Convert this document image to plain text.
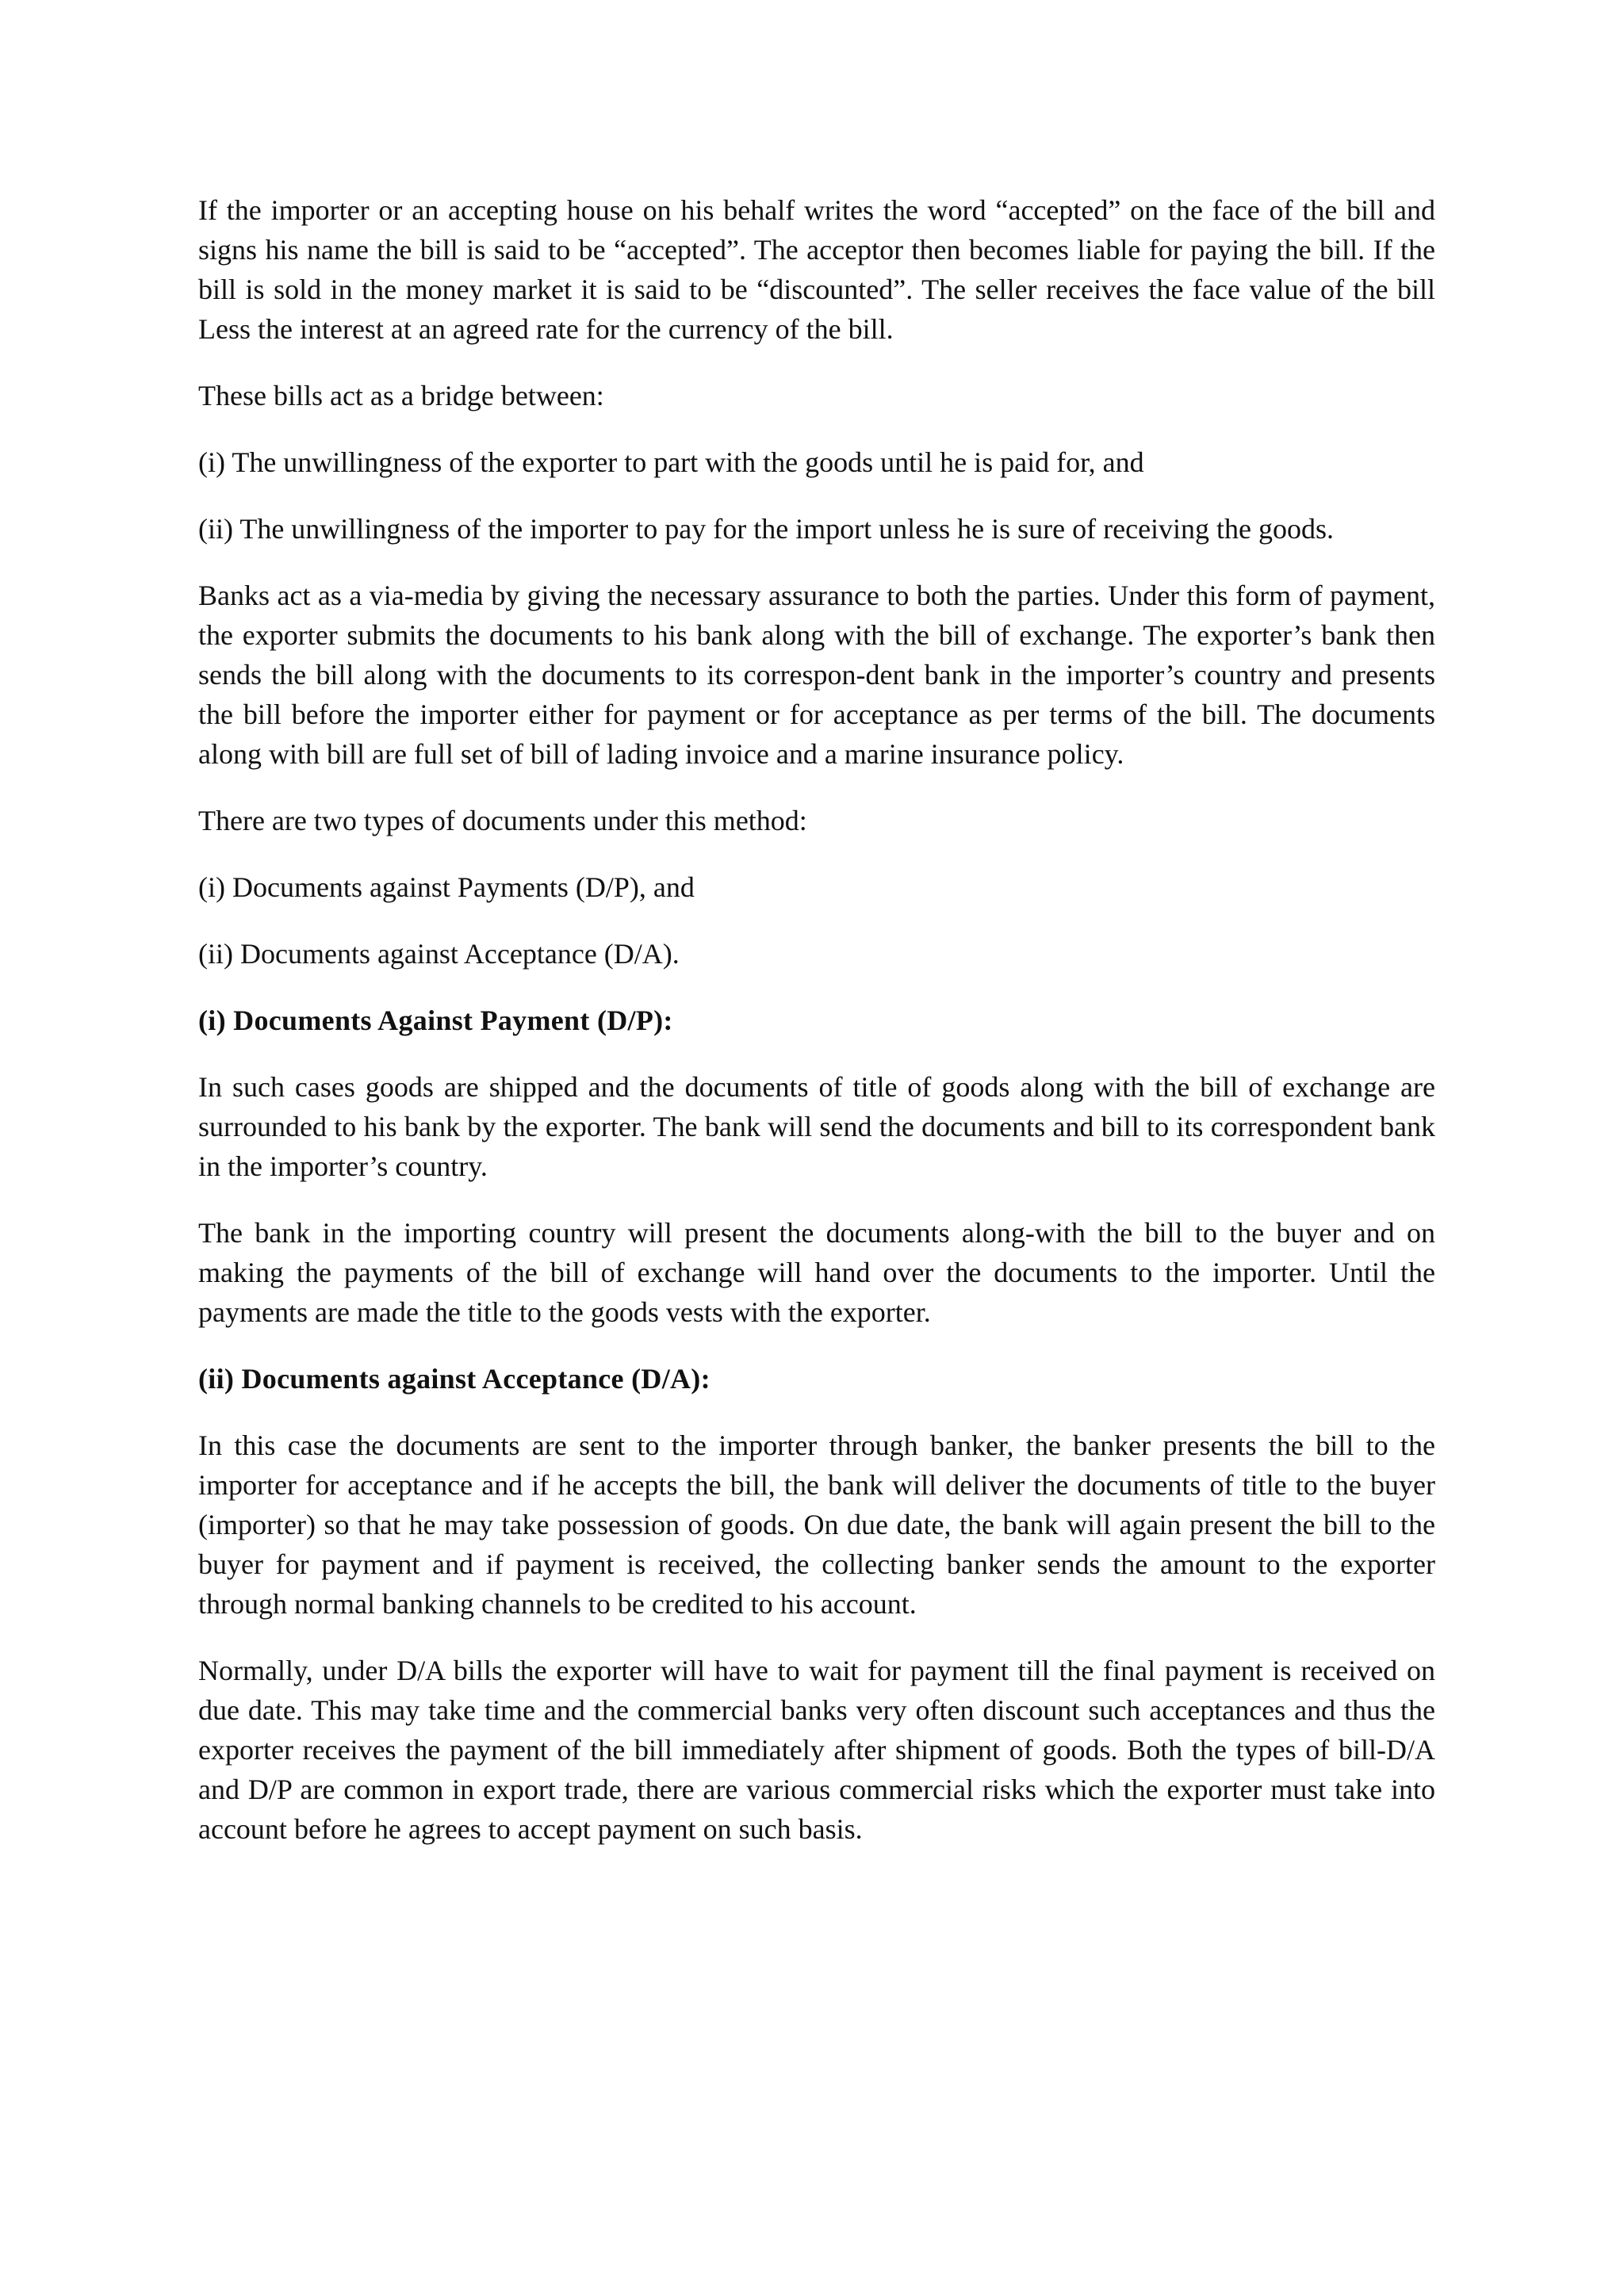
If the importer or an accepting house on his behalf writes the word “accepted” on the face of the bill and signs his name the bill is said to be “accepted”. The acceptor then becomes liable for paying the bill. If the bill is sold in the money market it is said to be “discounted”. The seller receives the face value of the bill Less the interest at an agreed rate for the currency of the bill.

These bills act as a bridge between:

(i) The unwillingness of the exporter to part with the goods until he is paid for, and

(ii) The unwillingness of the importer to pay for the import unless he is sure of receiving the goods.

Banks act as a via-media by giving the necessary assurance to both the parties. Under this form of payment, the exporter submits the documents to his bank along with the bill of exchange. The exporter’s bank then sends the bill along with the documents to its correspon-dent bank in the importer’s country and presents the bill before the importer either for payment or for acceptance as per terms of the bill. The documents along with bill are full set of bill of lading invoice and a marine insurance policy.

There are two types of documents under this method:

(i) Documents against Payments (D/P), and

(ii) Documents against Acceptance (D/A).

(i) Documents Against Payment (D/P):

In such cases goods are shipped and the documents of title of goods along with the bill of exchange are surrounded to his bank by the exporter. The bank will send the documents and bill to its correspondent bank in the importer’s country.

The bank in the importing country will present the documents along-with the bill to the buyer and on making the payments of the bill of exchange will hand over the documents to the importer. Until the payments are made the title to the goods vests with the exporter.

(ii) Documents against Acceptance (D/A):

In this case the documents are sent to the importer through banker, the banker presents the bill to the importer for acceptance and if he accepts the bill, the bank will deliver the documents of title to the buyer (importer) so that he may take possession of goods. On due date, the bank will again present the bill to the buyer for payment and if payment is received, the collecting banker sends the amount to the exporter through normal banking channels to be credited to his account.

Normally, under D/A bills the exporter will have to wait for payment till the final payment is received on due date. This may take time and the commercial banks very often discount such acceptances and thus the exporter receives the payment of the bill immediately after shipment of goods. Both the types of bill-D/A and D/P are common in export trade, there are various commercial risks which the exporter must take into account before he agrees to accept payment on such basis.
